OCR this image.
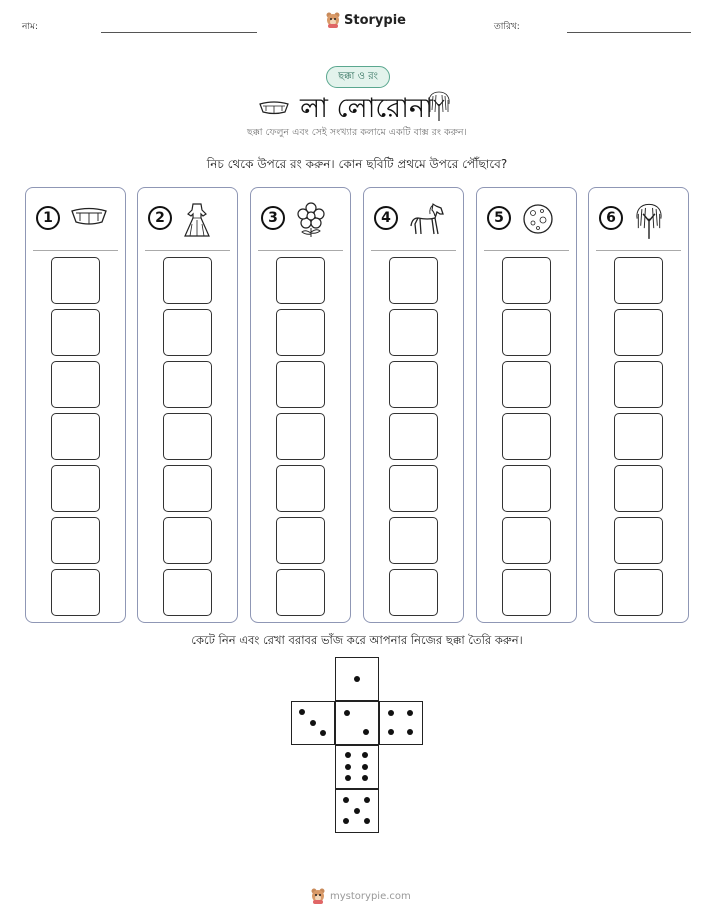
নাম:	Storypie	তারিখ:
ছক্কা ও রং
লা লোরোনা
ছক্কা ফেলুন এবং সেই সংখ্যার কলামে একটি বাক্স রং করুন।
নিচ থেকে উপরে রং করুন। কোন ছবিটি প্রথমে উপরে পৌঁছাবে?
1	2	3	4	5	6
কেটে নিন এবং রেখা বরাবর ভাঁজ করে আপনার নিজের ছক্কা তৈরি করুন।
mystorypie.com
